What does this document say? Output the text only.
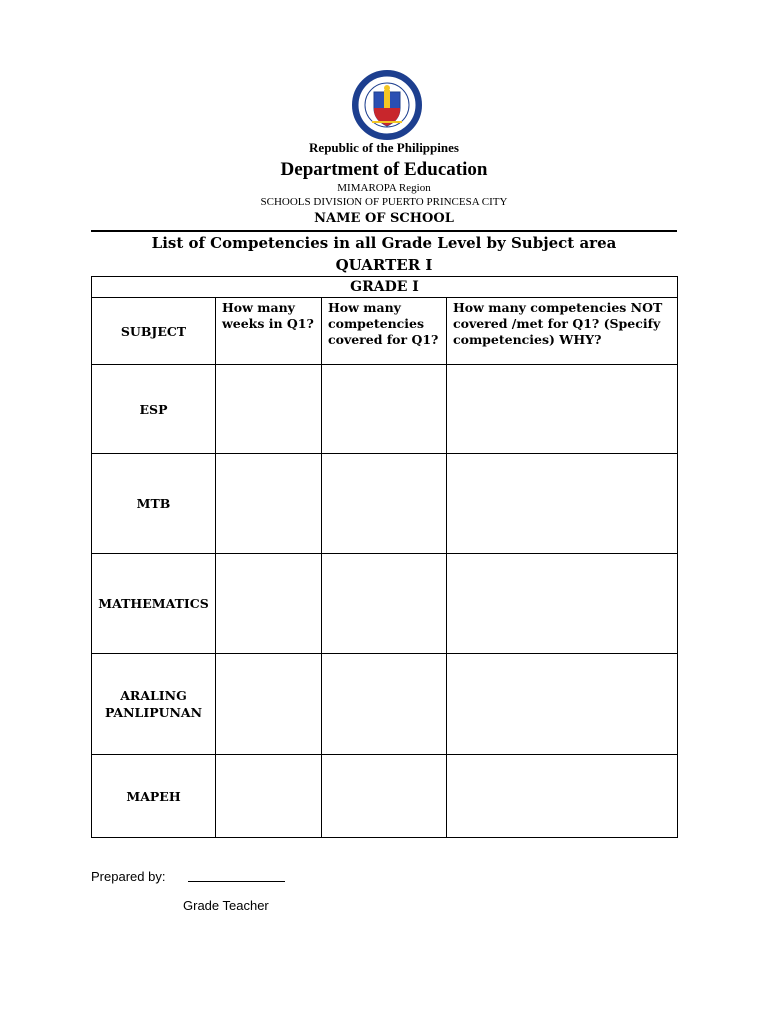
Republic of the Philippines
Department of Education
MIMAROPA Region
SCHOOLS DIVISION OF PUERTO PRINCESA CITY
NAME OF SCHOOL
List of Competencies in all Grade Level by Subject area
QUARTER I
GRADE I			
SUBJECT	How many weeks in Q1?	How many competencies covered for Q1?	How many competencies NOT covered /met for Q1? (Specify competencies) WHY?
ESP			
MTB			
MATHEMATICS			
ARALING PANLIPUNAN			
MAPEH			
Prepared by:
Grade Teacher
